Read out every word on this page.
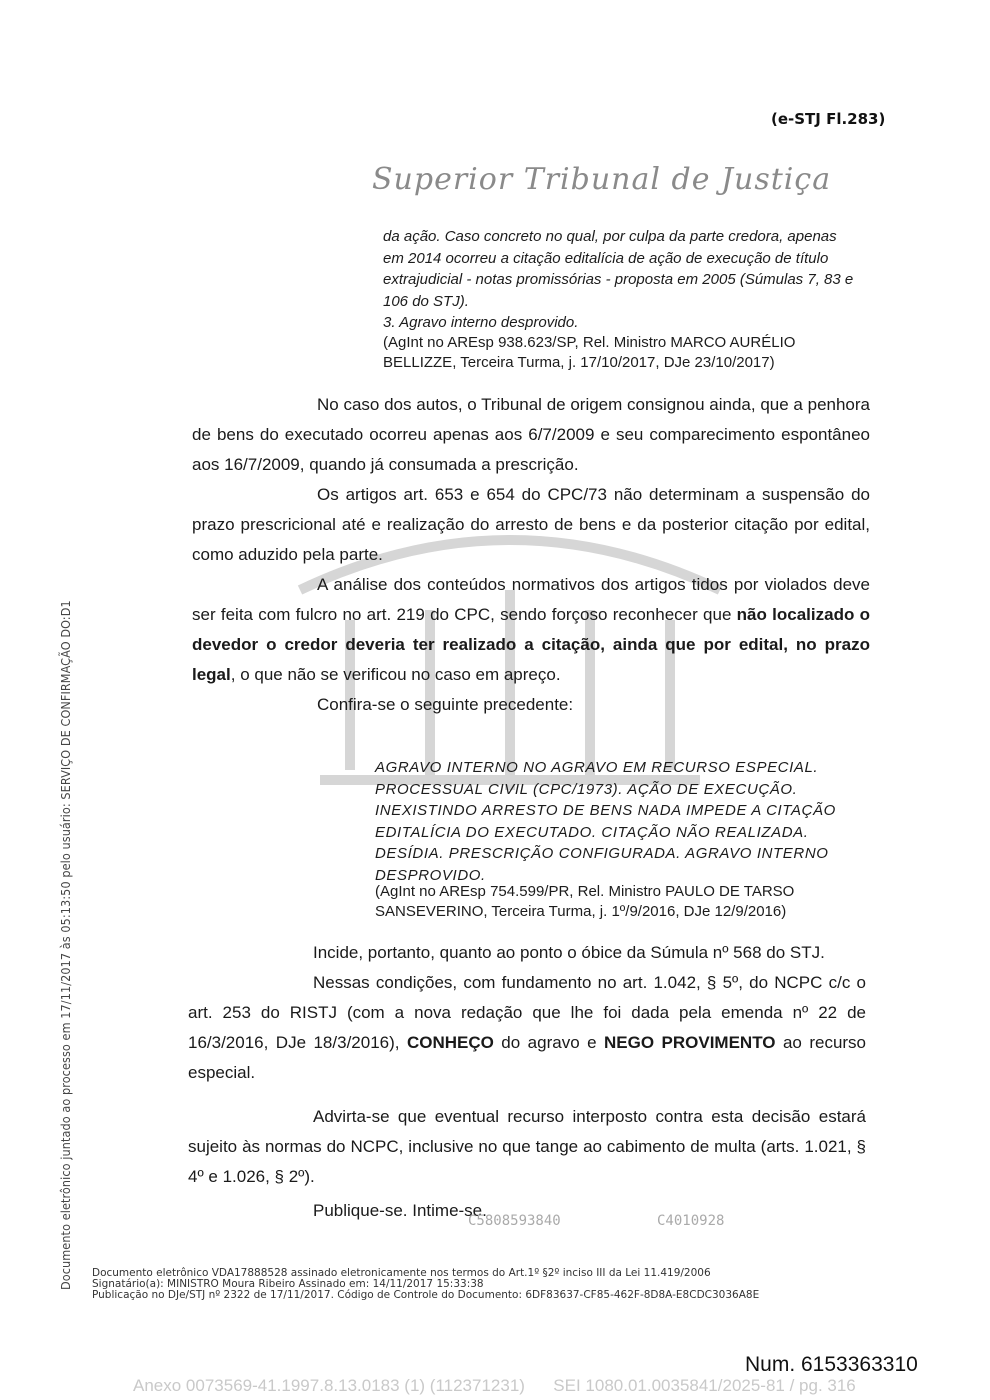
Documento eletrônico juntado ao processo em 17/11/2017 às 05:13:50 pelo usuário: SERVIÇO DE CONFIRMAÇÃO DO:D1
(e-STJ Fl.283)
Superior Tribunal de Justiça
da ação. Caso concreto no qual, por culpa da parte credora, apenas
em 2014 ocorreu a citação editalícia de ação de execução de título
extrajudicial - notas promissórias - proposta em 2005 (Súmulas 7, 83 e
106 do STJ).
3. Agravo interno desprovido.
(AgInt no AREsp 938.623/SP, Rel. Ministro MARCO AURÉLIO
BELLIZZE, Terceira Turma, j. 17/10/2017, DJe 23/10/2017)

No caso dos autos, o Tribunal de origem consignou ainda, que a penhora de bens do executado ocorreu apenas aos 6/7/2009 e seu comparecimento espontâneo aos 16/7/2009, quando já consumada a prescrição.

Os artigos art. 653 e 654 do CPC/73 não determinam a suspensão do prazo prescricional até e realização do arresto de bens e da posterior citação por edital, como aduzido pela parte.

A análise dos conteúdos normativos dos artigos tidos por violados deve ser feita com fulcro no art. 219 do CPC, sendo forçoso reconhecer que não localizado o devedor o credor deveria ter realizado a citação, ainda que por edital, no prazo legal, o que não se verificou no caso em apreço.

Confira-se o seguinte precedente:

AGRAVO INTERNO NO AGRAVO EM RECURSO ESPECIAL.
PROCESSUAL CIVIL (CPC/1973). AÇÃO DE EXECUÇÃO.
INEXISTINDO ARRESTO DE BENS NADA IMPEDE A CITAÇÃO
EDITALÍCIA DO EXECUTADO. CITAÇÃO NÃO REALIZADA.
DESÍDIA. PRESCRIÇÃO CONFIGURADA. AGRAVO INTERNO
DESPROVIDO.
(AgInt no AREsp 754.599/PR, Rel. Ministro PAULO DE TARSO
SANSEVERINO, Terceira Turma, j. 1º/9/2016, DJe 12/9/2016)

Incide, portanto, quanto ao ponto o óbice da Súmula nº 568 do STJ.

Nessas condições, com fundamento no art. 1.042, § 5º, do NCPC c/c o art. 253 do RISTJ (com a nova redação que lhe foi dada pela emenda nº 22 de 16/3/2016, DJe 18/3/2016), CONHEÇO do agravo e NEGO PROVIMENTO ao recurso especial.

Advirta-se que eventual recurso interposto contra esta decisão estará sujeito às normas do NCPC, inclusive no que tange ao cabimento de multa (arts. 1.021, § 4º e 1.026, § 2º).

Publique-se. Intime-se.

C5808593840	C4010928
Documento eletrônico VDA17888528 assinado eletronicamente nos termos do Art.1º §2º inciso III da Lei 11.419/2006
Signatário(a): MINISTRO Moura Ribeiro Assinado em: 14/11/2017 15:33:38
Publicação no DJe/STJ nº 2322 de 17/11/2017. Código de Controle do Documento: 6DF83637-CF85-462F-8D8A-E8CDC3036A8E
Num. 6153363310
Anexo 0073569-41.1997.8.13.0183 (1) (112371231)      SEI 1080.01.0035841/2025-81 / pg. 316
